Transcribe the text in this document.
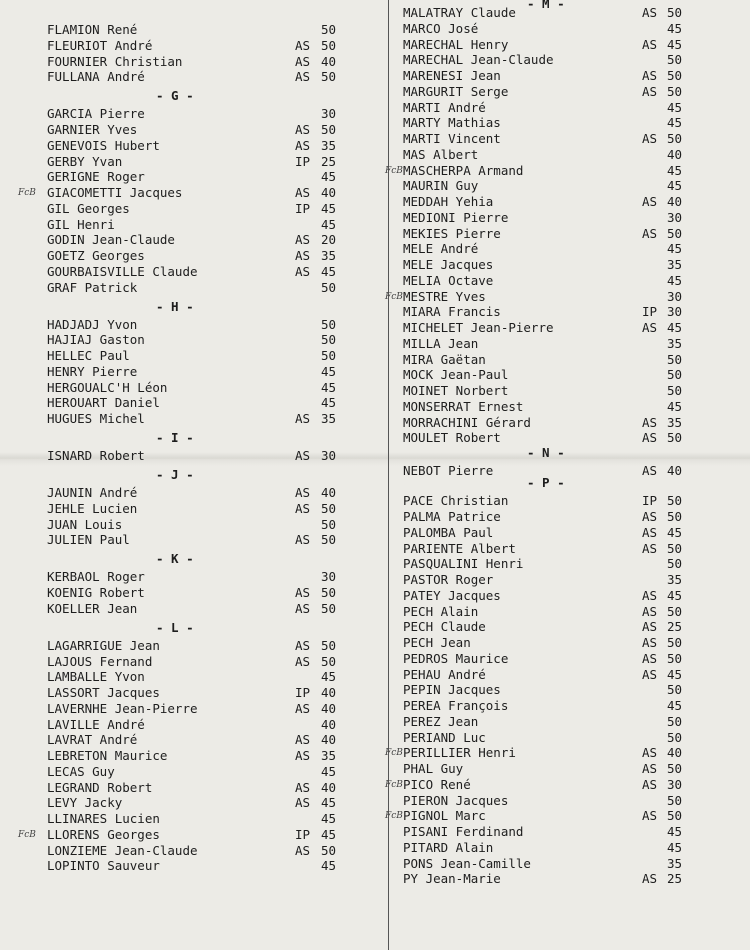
FLAMION René	50
FLEURIOT André	AS 50
FOURNIER Christian	AS 40
FULLANA André	AS 50
- G -
GARCIA Pierre	30
GARNIER Yves	AS 50
GENEVOIS Hubert	AS 35
GERBY Yvan	IP 25
GERIGNE Roger	45
GIACOMETTI Jacques	AS 40
FcB
GIL Georges	IP 45
GIL Henri	45
GODIN Jean-Claude	AS 20
GOETZ Georges	AS 35
GOURBAISVILLE Claude	AS 45
GRAF Patrick	50
- H -
HADJADJ Yvon	50
HAJIAJ Gaston	50
HELLEC Paul	50
HENRY Pierre	45
HERGOUALC'H Léon	45
HEROUART Daniel	45
HUGUES Michel	AS 35
- I -
ISNARD Robert	AS 30
- J -
JAUNIN André	AS 40
JEHLE Lucien	AS 50
JUAN Louis	50
JULIEN Paul	AS 50
- K -
KERBAOL Roger	30
KOENIG Robert	AS 50
KOELLER Jean	AS 50
- L -
LAGARRIGUE Jean	AS 50
LAJOUS Fernand	AS 50
LAMBALLE Yvon	45
LASSORT Jacques	IP 40
LAVERNHE Jean-Pierre	AS 40
LAVILLE André	40
LAVRAT André	AS 40
LEBRETON Maurice	AS 35
LECAS Guy	45
LEGRAND Robert	AS 40
LEVY Jacky	AS 45
LLINARES Lucien	45
LLORENS Georges	IP 45
FcB
LONZIEME Jean-Claude	AS 50
LOPINTO Sauveur	45
- M -
MALATRAY Claude	AS 50
MARCO José	45
MARECHAL Henry	AS 45
MARECHAL Jean-Claude	50
MARENESI Jean	AS 50
MARGURIT Serge	AS 50
MARTI André	45
MARTY Mathias	45
MARTI Vincent	AS 50
MAS Albert	40
MASCHERPA Armand	45
FcB
MAURIN Guy	45
MEDDAH Yehia	AS 40
MEDIONI Pierre	30
MEKIES Pierre	AS 50
MELE André	45
MELE Jacques	35
MELIA Octave	45
MESTRE Yves	30
FcB
MIARA Francis	IP 30
MICHELET Jean-Pierre	AS 45
MILLA Jean	35
MIRA Gaëtan	50
MOCK Jean-Paul	50
MOINET Norbert	50
MONSERRAT Ernest	45
MORRACHINI Gérard	AS 35
MOULET Robert	AS 50
- N -
NEBOT Pierre	AS 40
- P -
PACE Christian	IP 50
PALMA Patrice	AS 50
PALOMBA Paul	AS 45
PARIENTE Albert	AS 50
PASQUALINI Henri	50
PASTOR Roger	35
PATEY Jacques	AS 45
PECH Alain	AS 50
PECH Claude	AS 25
PECH Jean	AS 50
PEDROS Maurice	AS 50
PEHAU André	AS 45
PEPIN Jacques	50
PEREA François	45
PEREZ Jean	50
PERIAND Luc	50
PERILLIER Henri	AS 40
FcB
PHAL Guy	AS 50
PICO René	AS 30
FcB
PIERON Jacques	50
PIGNOL Marc	AS 50
FcB
PISANI Ferdinand	45
PITARD Alain	45
PONS Jean-Camille	35
PY Jean-Marie	AS 25
